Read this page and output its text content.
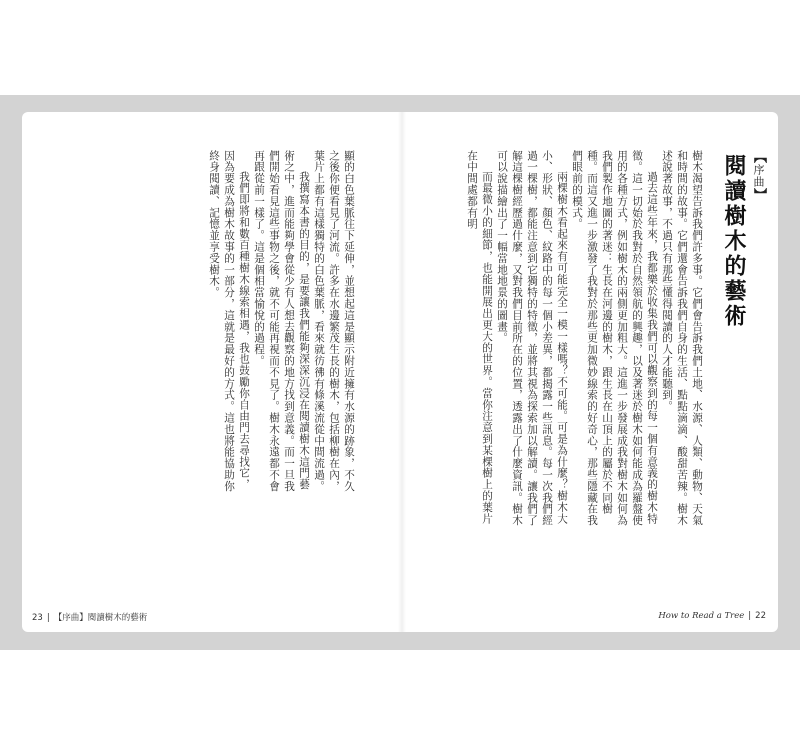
【序曲】
閱讀樹木的藝術

樹木渴望告訴我們許多事。它們會告訴我們土地、水源、人類、動物、天氣和時間的故事。它們還會告訴我們自身的生活、點點滴滴、酸甜苦辣。樹木述說著故事，不過只有那些懂得閱讀的人才能聽到。

過去這些年來，我都樂於收集我們可以觀察到的每一個有意義的樹木特徵。這一切始於我對於自然領航的興趣，以及著迷於樹木如何能成為羅盤使用的各種方式，例如樹木的兩側更加粗大。這進一步發展成我對樹木如何為我們製作地圖的著迷：生長在河邊的樹木，跟生長在山頂上的屬於不同樹種。而這又進一步激發了我對於那些更加微妙線索的好奇心，那些隱藏在我們眼前的模式。

兩棵樹木看起來有可能完全一模一樣嗎？不可能。可是為什麼？樹木大小、形狀、顏色、紋路中的每一個小差異，都揭露一些訊息。每一次我們經過一棵樹，都能注意到它獨特的特徵，並將其視為探索加以解讀。讓我們了解這棵樹經歷過什麼，又對我們目前所在的位置，透露出了什麼資訊。樹木可以說描繪出了一幅當地地景的圖畫。

而最微小的細節，也能開展出更大的世界。當你注意到某棵樹上的葉片在中間處都有明

顯的白色葉脈往下延伸，並想起這是顯示附近擁有水源的跡象，不久之後你便看見了河流。許多在水邊繁茂生長的樹木，包括柳樹在內，葉片上都有這樣獨特的白色葉脈，看來就彷彿有條溪流從中間流過。

我撰寫本書的目的，是要讓我們能夠深深沉浸在閱讀樹木這門藝術之中，進而能夠學會從少有人想去觀察的地方找到意義。而一旦我們開始看見這些事物之後，就不可能再視而不見了。樹木永遠都不會再跟從前一樣了。這是個相當愉悅的過程。

我們即將和數百種樹木線索相遇，我也鼓勵你自由門去尋找它，因為要成為樹木故事的一部分，這就是最好的方式。這也將能協助你終身閱讀、記憶並享受樹木。

23 | 【序曲】閱讀樹木的藝術	How to Read a Tree | 22
